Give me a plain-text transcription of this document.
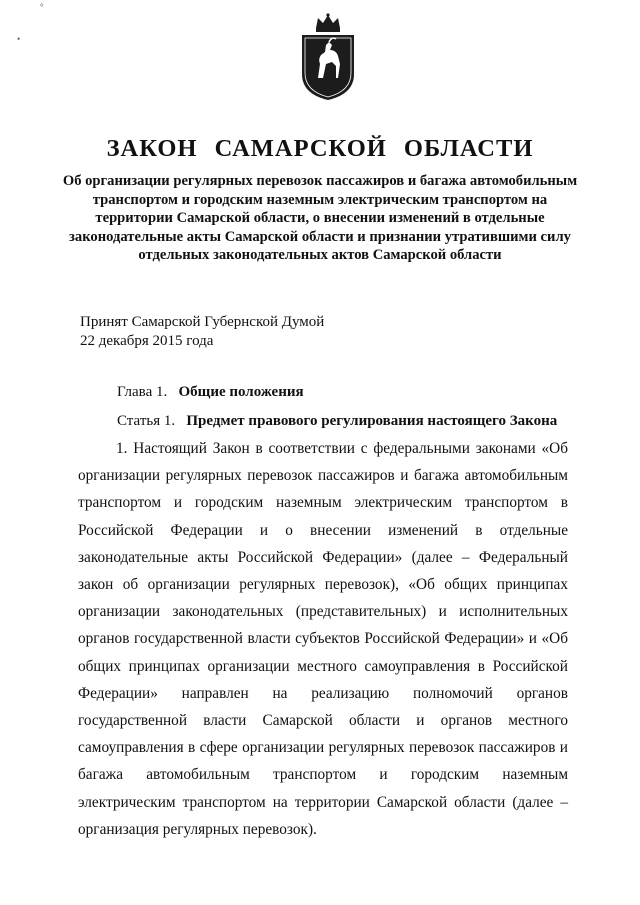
°
•
ЗАКОН САМАРСКОЙ ОБЛАСТИ
Об организации регулярных перевозок пассажиров и багажа автомобильным транспортом и городским наземным электрическим транспортом на территории Самарской области, о внесении изменений в отдельные законодательные акты Самарской области и признании утратившими силу отдельных законодательных актов Самарской области
Принят Самарской Губернской Думой
22 декабря 2015 года
Глава 1. Общие положения
Статья 1. Предмет правового регулирования настоящего Закона
1. Настоящий Закон в соответствии с федеральными законами «Об организации регулярных перевозок пассажиров и багажа автомобильным транспортом и городским наземным электрическим транспортом в Российской Федерации и о внесении изменений в отдельные законодательные акты Российской Федерации» (далее – Федеральный закон об организации регулярных перевозок), «Об общих принципах организации законодательных (представительных) и исполнительных органов государственной власти субъектов Российской Федерации» и «Об общих принципах организации местного самоуправления в Российской Федерации» направлен на реализацию полномочий органов государственной власти Самарской области и органов местного самоуправления в сфере организации регулярных перевозок пассажиров и багажа автомобильным транспортом и городским наземным электрическим транспортом на территории Самарской области (далее – организация регулярных перевозок).
